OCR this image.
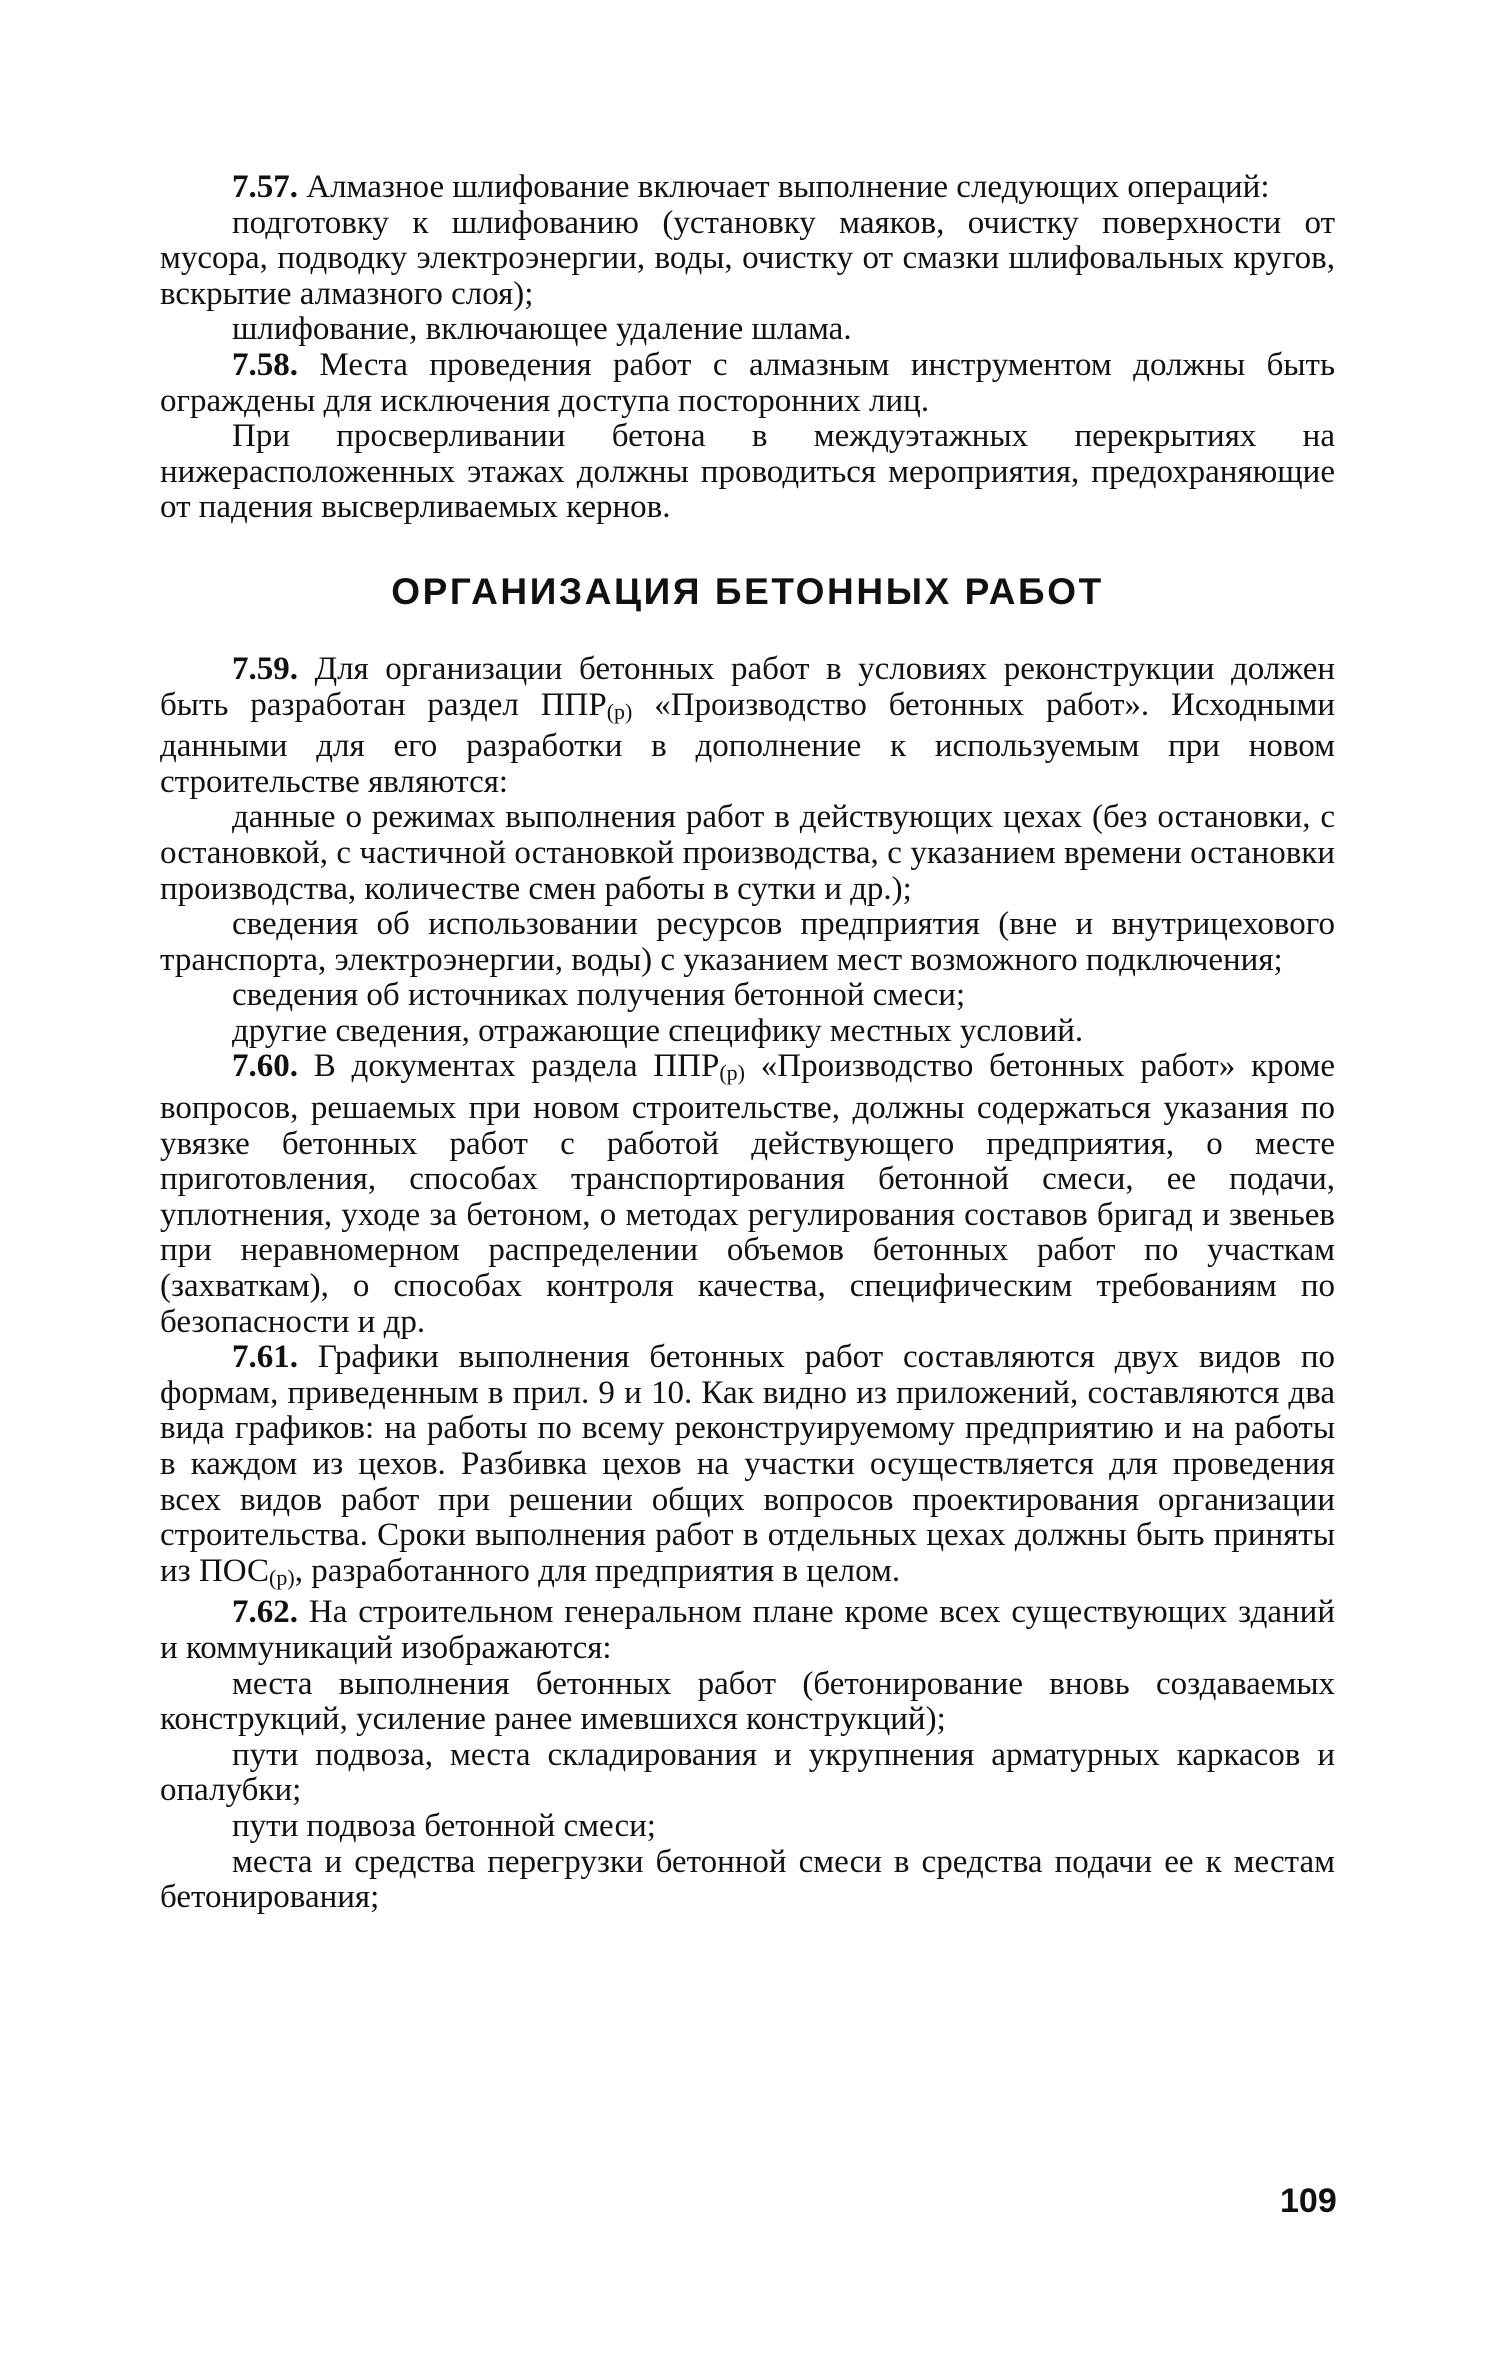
7.57. Алмазное шлифование включает выполнение следующих операций:

подготовку к шлифованию (установку маяков, очистку поверхности от мусора, подводку электроэнергии, воды, очистку от смазки шлифовальных кругов, вскрытие алмазного слоя);

шлифование, включающее удаление шлама.

7.58. Места проведения работ с алмазным инструментом должны быть ограждены для исключения доступа посторонних лиц.

При просверливании бетона в междуэтажных перекрытиях на нижерасположенных этажах должны проводиться мероприятия, предохраняющие от падения высверливаемых кернов.

ОРГАНИЗАЦИЯ БЕТОННЫХ РАБОТ

7.59. Для организации бетонных работ в условиях реконструкции должен быть разработан раздел ППР(р) «Производство бетонных работ». Исходными данными для его разработки в дополнение к используемым при новом строительстве являются:

данные о режимах выполнения работ в действующих цехах (без остановки, с остановкой, с частичной остановкой производства, с указанием времени остановки производства, количестве смен работы в сутки и др.);

сведения об использовании ресурсов предприятия (вне и внутрицехового транспорта, электроэнергии, воды) с указанием мест возможного подключения;

сведения об источниках получения бетонной смеси;

другие сведения, отражающие специфику местных условий.

7.60. В документах раздела ППР(р) «Производство бетонных работ» кроме вопросов, решаемых при новом строительстве, должны содержаться указания по увязке бетонных работ с работой действующего предприятия, о месте приготовления, способах транспортирования бетонной смеси, ее подачи, уплотнения, уходе за бетоном, о методах регулирования составов бригад и звеньев при неравномерном распределении объемов бетонных работ по участкам (захваткам), о способах контроля качества, специфическим требованиям по безопасности и др.

7.61. Графики выполнения бетонных работ составляются двух видов по формам, приведенным в прил. 9 и 10. Как видно из приложений, составляются два вида графиков: на работы по всему реконструируемому предприятию и на работы в каждом из цехов. Разбивка цехов на участки осуществляется для проведения всех видов работ при решении общих вопросов проектирования организации строительства. Сроки выполнения работ в отдельных цехах должны быть приняты из ПОС(р), разработанного для предприятия в целом.

7.62. На строительном генеральном плане кроме всех существующих зданий и коммуникаций изображаются:

места выполнения бетонных работ (бетонирование вновь создаваемых конструкций, усиление ранее имевшихся конструкций);

пути подвоза, места складирования и укрупнения арматурных каркасов и опалубки;

пути подвоза бетонной смеси;

места и средства перегрузки бетонной смеси в средства подачи ее к местам бетонирования;

109
